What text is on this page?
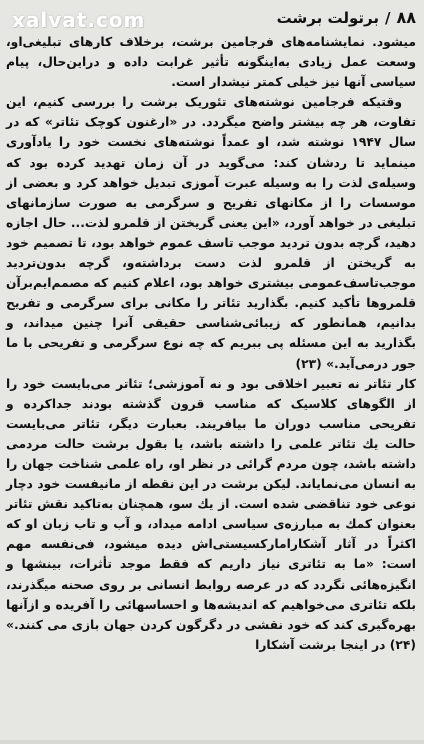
xalvat.com	۸۸/برتولت برشت

میشود. نمایشنامه‌های فرجامین برشت، برخلاف کارهای تبلیغی‌او، وسعت عمل زیادی به‌اینگونه تأثیر غرابت داده و دراین‌حال، پیام سیاسی آنها نیز خیلی کمتر نیشدار است.

وقتیکه فرجامین نوشته‌های تئوریک برشت را بررسی کنیم، این تفاوت، هر چه بیشتر واضح میگردد. در «ارغنون کوچک تئاتر» که در سال ۱۹۴۷ نوشته شد، او عمداً نوشته‌های نخست خود را یادآوری مینماید تا ردشان کند: می‌گوید در آن زمان تهدید کرده بود که وسیله‌ی لذت را به وسیله عبرت آموزی تبدیل خواهد کرد و بعضی از موسسات را از مکانهای تفریح و سرگرمی به صورت سازمانهای تبلیغی در خواهد آورد، «این یعنی گریختن از قلمرو لذت... حال اجازه دهید، گرچه بدون تردید موجب تاسف عموم خواهد بود، تا تصمیم خود به گریختن از قلمرو لذت دست برداشته‌و، گرچه بدون‌تردید موجب‌تاسف‌عمومی بیشتری خواهد بود، اعلام کنیم که مصمم‌ایم‌برآن قلمروها تأکید کنیم. بگذارید تئاتر را مکانی برای سرگرمی و تفریح بدانیم، همانطور که زیبائی‌شناسی حقیقی آنرا چنین میداند، و بگذارید به این مسئله پی ببریم که چه نوع سرگرمی و تفریحی با ما جور درمی‌آید.» (۲۳)

کار تئاتر نه تعبیر اخلاقی بود و نه آموزشی؛ تئاتر می‌بایست خود را از الگوهای کلاسیک که مناسب قرون گذشته بودند جداکرده و تفریحی مناسب دوران ما بیافریند. بعبارت دیگر، تئاتر می‌بایست حالت یك تئاتر علمی را داشته باشد، یا بقول برشت حالت مردمی داشته باشد، چون مردم گرائی در نظر او، راه علمی شناخت جهان را به انسان می‌نمایاند. لیکن برشت در این نقطه از مانیفست خود دچار نوعی خود تناقضی شده است. از یك سو، همچنان به‌تاکید نقش تئاتر بعنوان کمك به مبارزه‌ی سیاسی ادامه میداد، و آب و تاب زبان او که اکثراً در آثار آشکارامارکسیستی‌اش دیده میشود، فی‌نفسه مهم است: «ما به تئاتری نیاز داریم که فقط موجد تأثرات، بینشها و انگیزه‌هائی نگردد که در عرصه روابط انسانی بر روی صحنه میگذرند، بلکه تئاتری می‌خواهیم که اندیشه‌ها و احساسهائی را آفریده و ازآنها بهره‌گیری کند که خود نقشی در دگرگون کردن جهان بازی می کنند.» (۲۴) در اینجا برشت آشکارا
